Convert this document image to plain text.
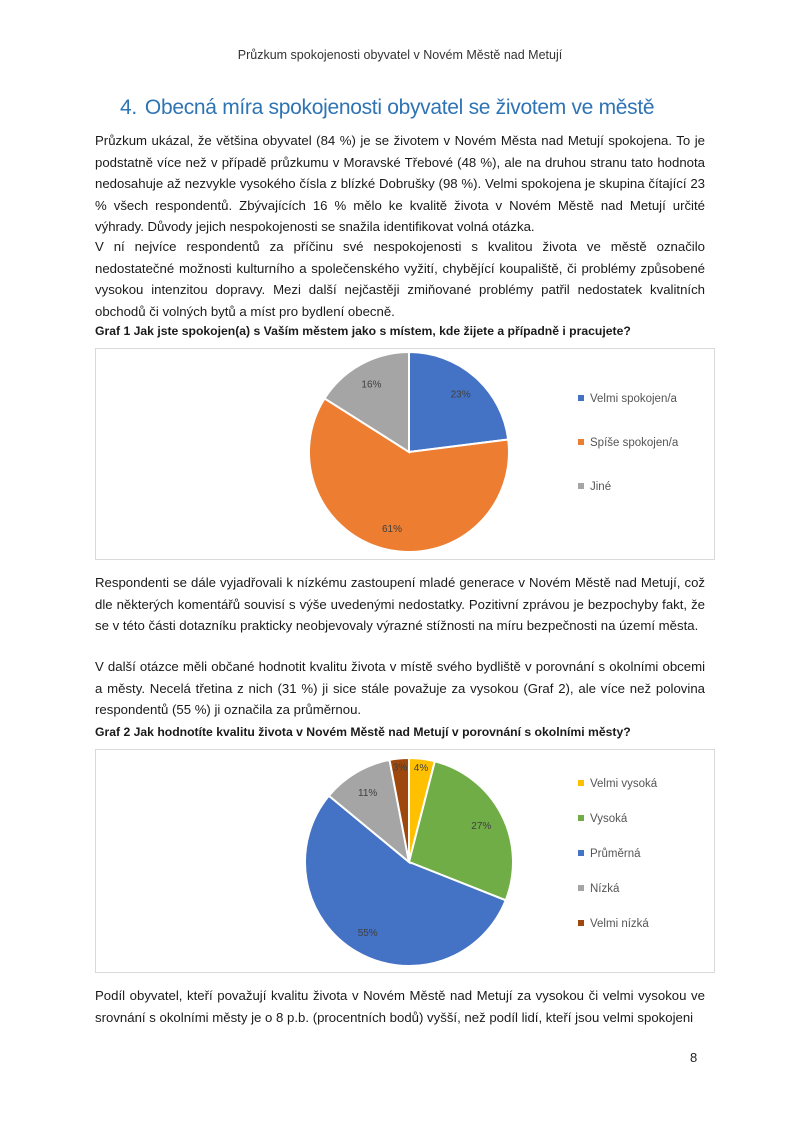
Průzkum spokojenosti obyvatel v Novém Městě nad Metují
4. Obecná míra spokojenosti obyvatel se životem ve městě
Průzkum ukázal, že většina obyvatel (84 %) je se životem v Novém Města nad Metují spokojena. To je podstatně více než v případě průzkumu v Moravské Třebové (48 %), ale na druhou stranu tato hodnota nedosahuje až nezvykle vysokého čísla z blízké Dobrušky (98 %). Velmi spokojena je skupina čítající 23 % všech respondentů. Zbývajících 16 % mělo ke kvalitě života v Novém Městě nad Metují určité výhrady. Důvody jejich nespokojenosti se snažila identifikovat volná otázka.
V ní nejvíce respondentů za příčinu své nespokojenosti s kvalitou života ve městě označilo nedostatečné možnosti kulturního a společenského vyžití, chybějící koupaliště, či problémy způsobené vysokou intenzitou dopravy. Mezi další nejčastěji zmiňované problémy patřil nedostatek kvalitních obchodů či volných bytů a míst pro bydlení obecně.
Graf 1 Jak jste spokojen(a) s Vaším městem jako s místem, kde žijete a případně i pracujete?
23%
61%
16%
Velmi spokojen/a
Spíše spokojen/a
Jiné
Respondenti se dále vyjadřovali k nízkému zastoupení mladé generace v Novém Městě nad Metují, což dle některých komentářů souvisí s výše uvedenými nedostatky. Pozitivní zprávou je bezpochyby fakt, že se v této části dotazníku prakticky neobjevovaly výrazné stížnosti na míru bezpečnosti na území města.
V další otázce měli občané hodnotit kvalitu života v místě svého bydliště v porovnání s okolními obcemi a městy. Necelá třetina z nich (31 %) ji sice stále považuje za vysokou (Graf 2), ale více než polovina respondentů (55 %) ji označila za průměrnou.
Graf 2 Jak hodnotíte kvalitu života v Novém Městě nad Metují v porovnání s okolními městy?
4%
27%
55%
11%
3%
Velmi vysoká
Vysoká
Průměrná
Nízká
Velmi nízká
Podíl obyvatel, kteří považují kvalitu života v Novém Městě nad Metují za vysokou či velmi vysokou ve srovnání s okolními městy je o 8 p.b. (procentních bodů) vyšší, než podíl lidí, kteří jsou velmi spokojeni
8
